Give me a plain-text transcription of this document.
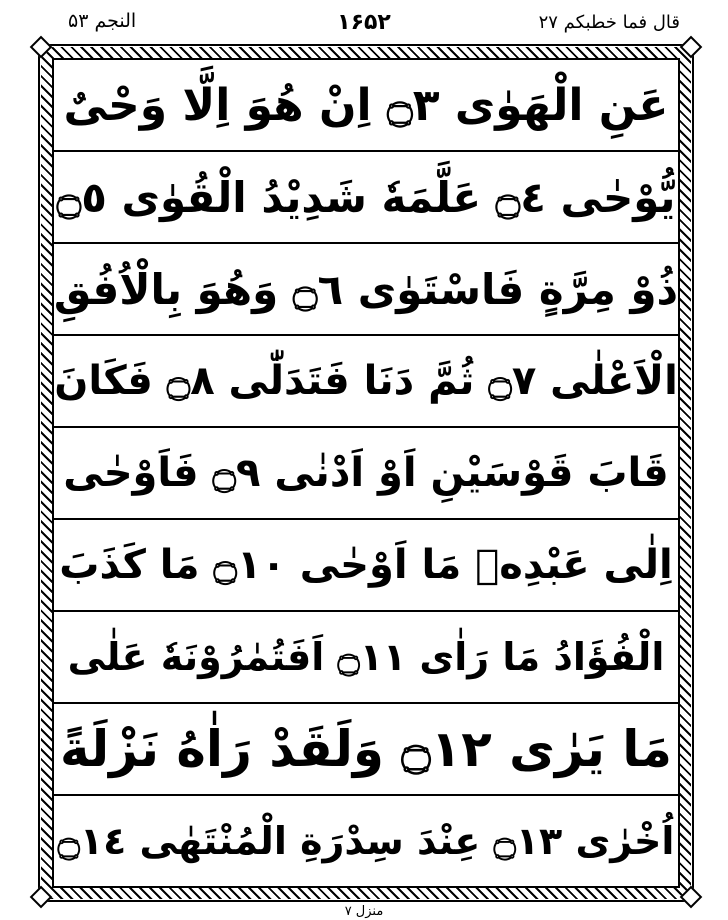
النجم ۵۳	۱۶۵۲	قال فما خطبکم ۲۷
عَنِ الْهَوٰى ۝٣ اِنْ هُوَ اِلَّا وَحْىٌ
يُّوْحٰى ۝٤ عَلَّمَهٗ شَدِيْدُ الْقُوٰى ۝٥
ذُوْ مِرَّةٍ فَاسْتَوٰى ۝٦ وَهُوَ بِالْاُفُقِ
الْاَعْلٰى ۝٧ ثُمَّ دَنَا فَتَدَلّٰى ۝٨ فَكَانَ
قَابَ قَوْسَيْنِ اَوْ اَدْنٰى ۝٩ فَاَوْحٰى
اِلٰى عَبْدِهٖ مَا اَوْحٰى ۝١٠ مَا كَذَبَ
الْفُؤَادُ مَا رَاٰى ۝١١ اَفَتُمٰرُوْنَهٗ عَلٰى
مَا يَرٰى ۝١٢ وَلَقَدْ رَاٰهُ نَزْلَةً
اُخْرٰى ۝١٣ عِنْدَ سِدْرَةِ الْمُنْتَهٰى ۝١٤
منزل ۷
